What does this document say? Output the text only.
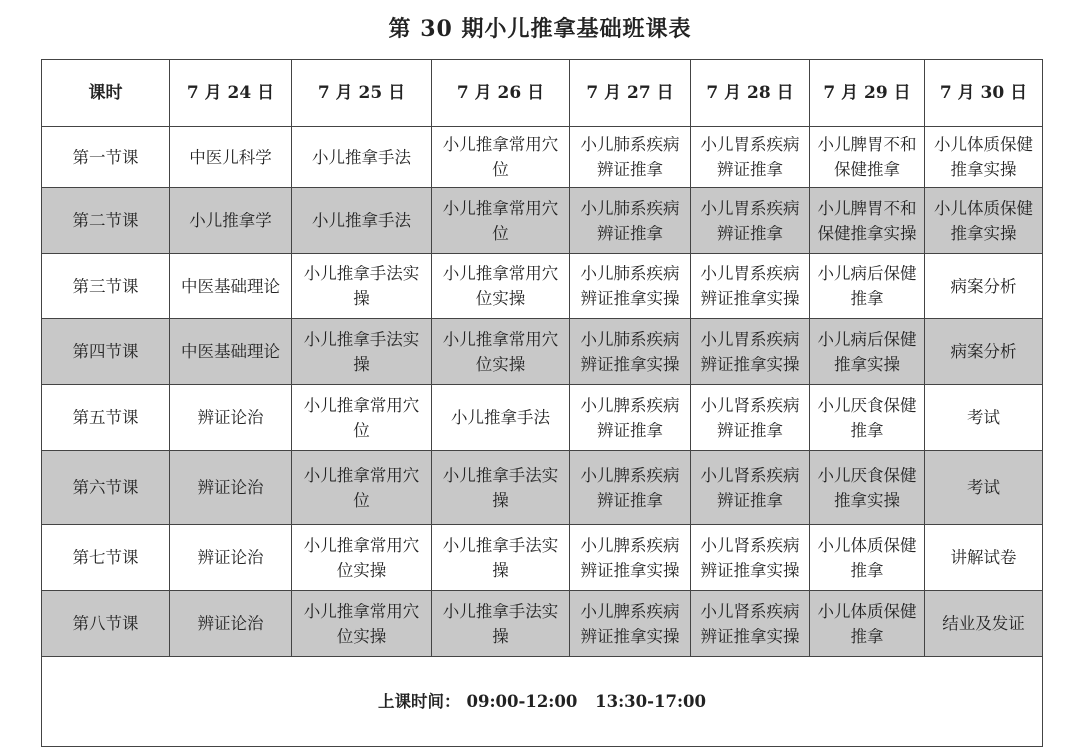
第 30 期小儿推拿基础班课表
课时	7 月 24 日	7 月 25 日	7 月 26 日	7 月 27 日	7 月 28 日	7 月 29 日	7 月 30 日
第一节课	中医儿科学	小儿推拿手法	小儿推拿常用穴位	小儿肺系疾病辨证推拿	小儿胃系疾病辨证推拿	小儿脾胃不和保健推拿	小儿体质保健推拿实操
第二节课	小儿推拿学	小儿推拿手法	小儿推拿常用穴位	小儿肺系疾病辨证推拿	小儿胃系疾病辨证推拿	小儿脾胃不和保健推拿实操	小儿体质保健推拿实操
第三节课	中医基础理论	小儿推拿手法实操	小儿推拿常用穴位实操	小儿肺系疾病辨证推拿实操	小儿胃系疾病辨证推拿实操	小儿病后保健推拿	病案分析
第四节课	中医基础理论	小儿推拿手法实操	小儿推拿常用穴位实操	小儿肺系疾病辨证推拿实操	小儿胃系疾病辨证推拿实操	小儿病后保健推拿实操	病案分析
第五节课	辨证论治	小儿推拿常用穴位	小儿推拿手法	小儿脾系疾病辨证推拿	小儿肾系疾病辨证推拿	小儿厌食保健推拿	考试
第六节课	辨证论治	小儿推拿常用穴位	小儿推拿手法实操	小儿脾系疾病辨证推拿	小儿肾系疾病辨证推拿	小儿厌食保健推拿实操	考试
第七节课	辨证论治	小儿推拿常用穴位实操	小儿推拿手法实操	小儿脾系疾病辨证推拿实操	小儿肾系疾病辨证推拿实操	小儿体质保健推拿	讲解试卷
第八节课	辨证论治	小儿推拿常用穴位实操	小儿推拿手法实操	小儿脾系疾病辨证推拿实操	小儿肾系疾病辨证推拿实操	小儿体质保健推拿	结业及发证
上课时间： 09:00-12:00 13:30-17:00							
